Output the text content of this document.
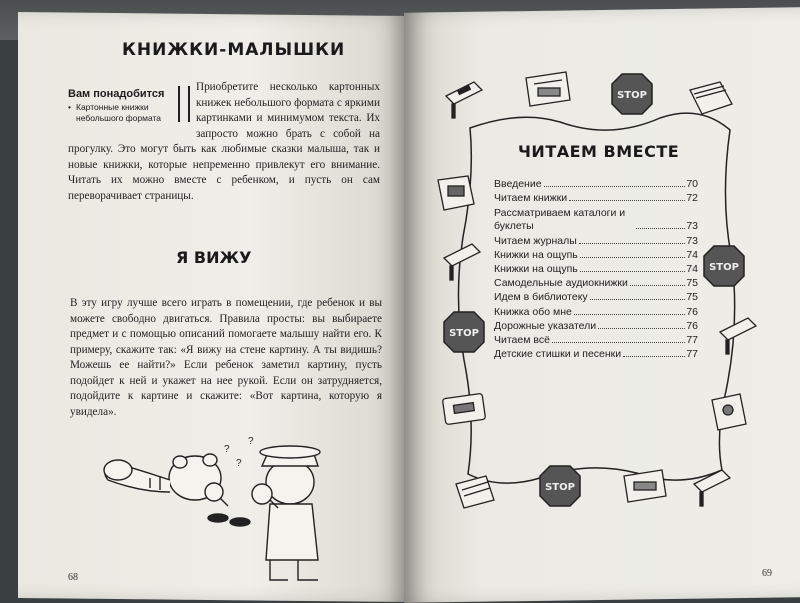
КНИЖКИ-МАЛЫШКИ
Приобретите несколько картонных книжек небольшого формата с яркими картинками и минимумом текста. Их запросто можно брать с собой на прогулку. Это могут быть как любимые сказки малыша, так и новые книжки, которые непременно привлекут его внимание. Читать их можно вместе с ребенком, и пусть он сам переворачивает страницы.
Вам понадобится
• Картонные книжки небольшого формата
Я ВИЖУ
В эту игру лучше всего играть в помещении, где ребенок и вы можете свободно двигаться. Правила просты: вы выбираете предмет и с помощью описаний помогаете малышу найти его. К примеру, скажите так: «Я вижу на стене картину. А ты видишь? Можешь ее найти?» Если ребенок заметил картину, пусть подойдет к ней и укажет на нее рукой. Если он затрудняется, подойдите к картине и скажите: «Вот картина, которую я увидела».
?
?
?
68
STOP
STOP
STOP
STOP
ЧИТАЕМ ВМЕСТЕ
Введение	70
Читаем книжки	72
Рассматриваем каталоги и буклеты	73
Читаем журналы	73
Книжки на ощупь	74
Книжки на ощупь	74
Самодельные аудиокнижки	75
Идем в библиотеку	75
Книжка обо мне	76
Дорожные указатели	76
Читаем всё	77
Детские стишки и песенки	77
69
